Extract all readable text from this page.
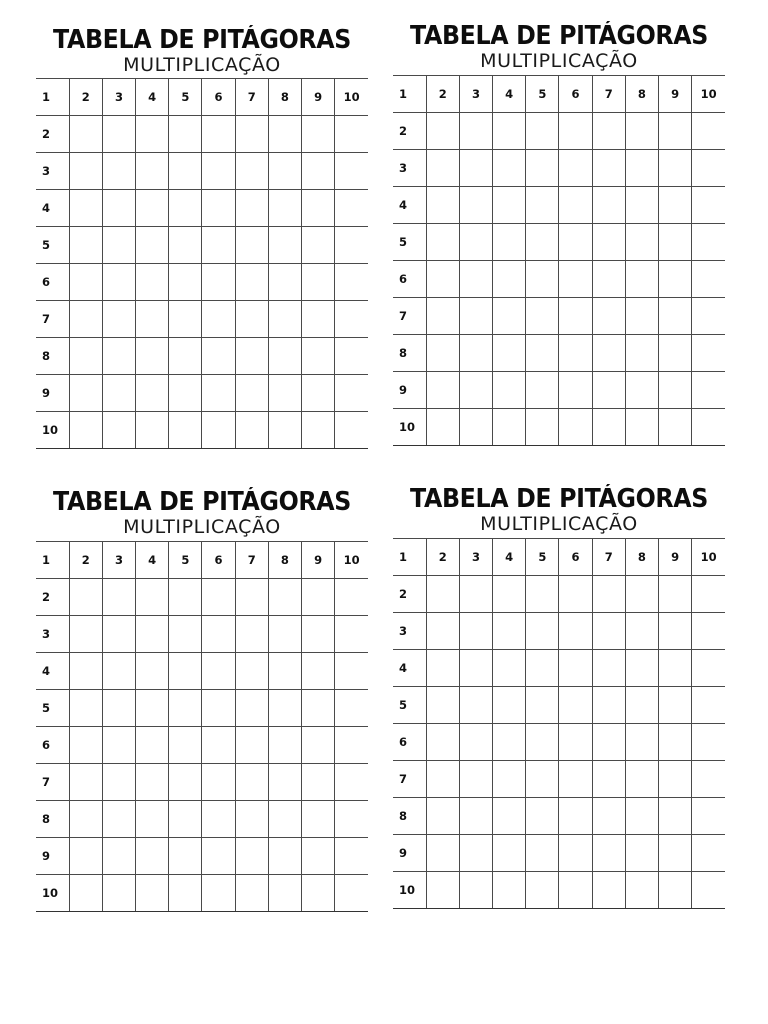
TABELA DE PITÁGORAS
MULTIPLICAÇÃO
1	2	3	4	5	6	7	8	9	10
2									
3									
4									
5									
6									
7									
8									
9									
10									
TABELA DE PITÁGORAS
MULTIPLICAÇÃO
1	2	3	4	5	6	7	8	9	10
2									
3									
4									
5									
6									
7									
8									
9									
10									
TABELA DE PITÁGORAS
MULTIPLICAÇÃO
1	2	3	4	5	6	7	8	9	10
2									
3									
4									
5									
6									
7									
8									
9									
10									
TABELA DE PITÁGORAS
MULTIPLICAÇÃO
1	2	3	4	5	6	7	8	9	10
2									
3									
4									
5									
6									
7									
8									
9									
10									
